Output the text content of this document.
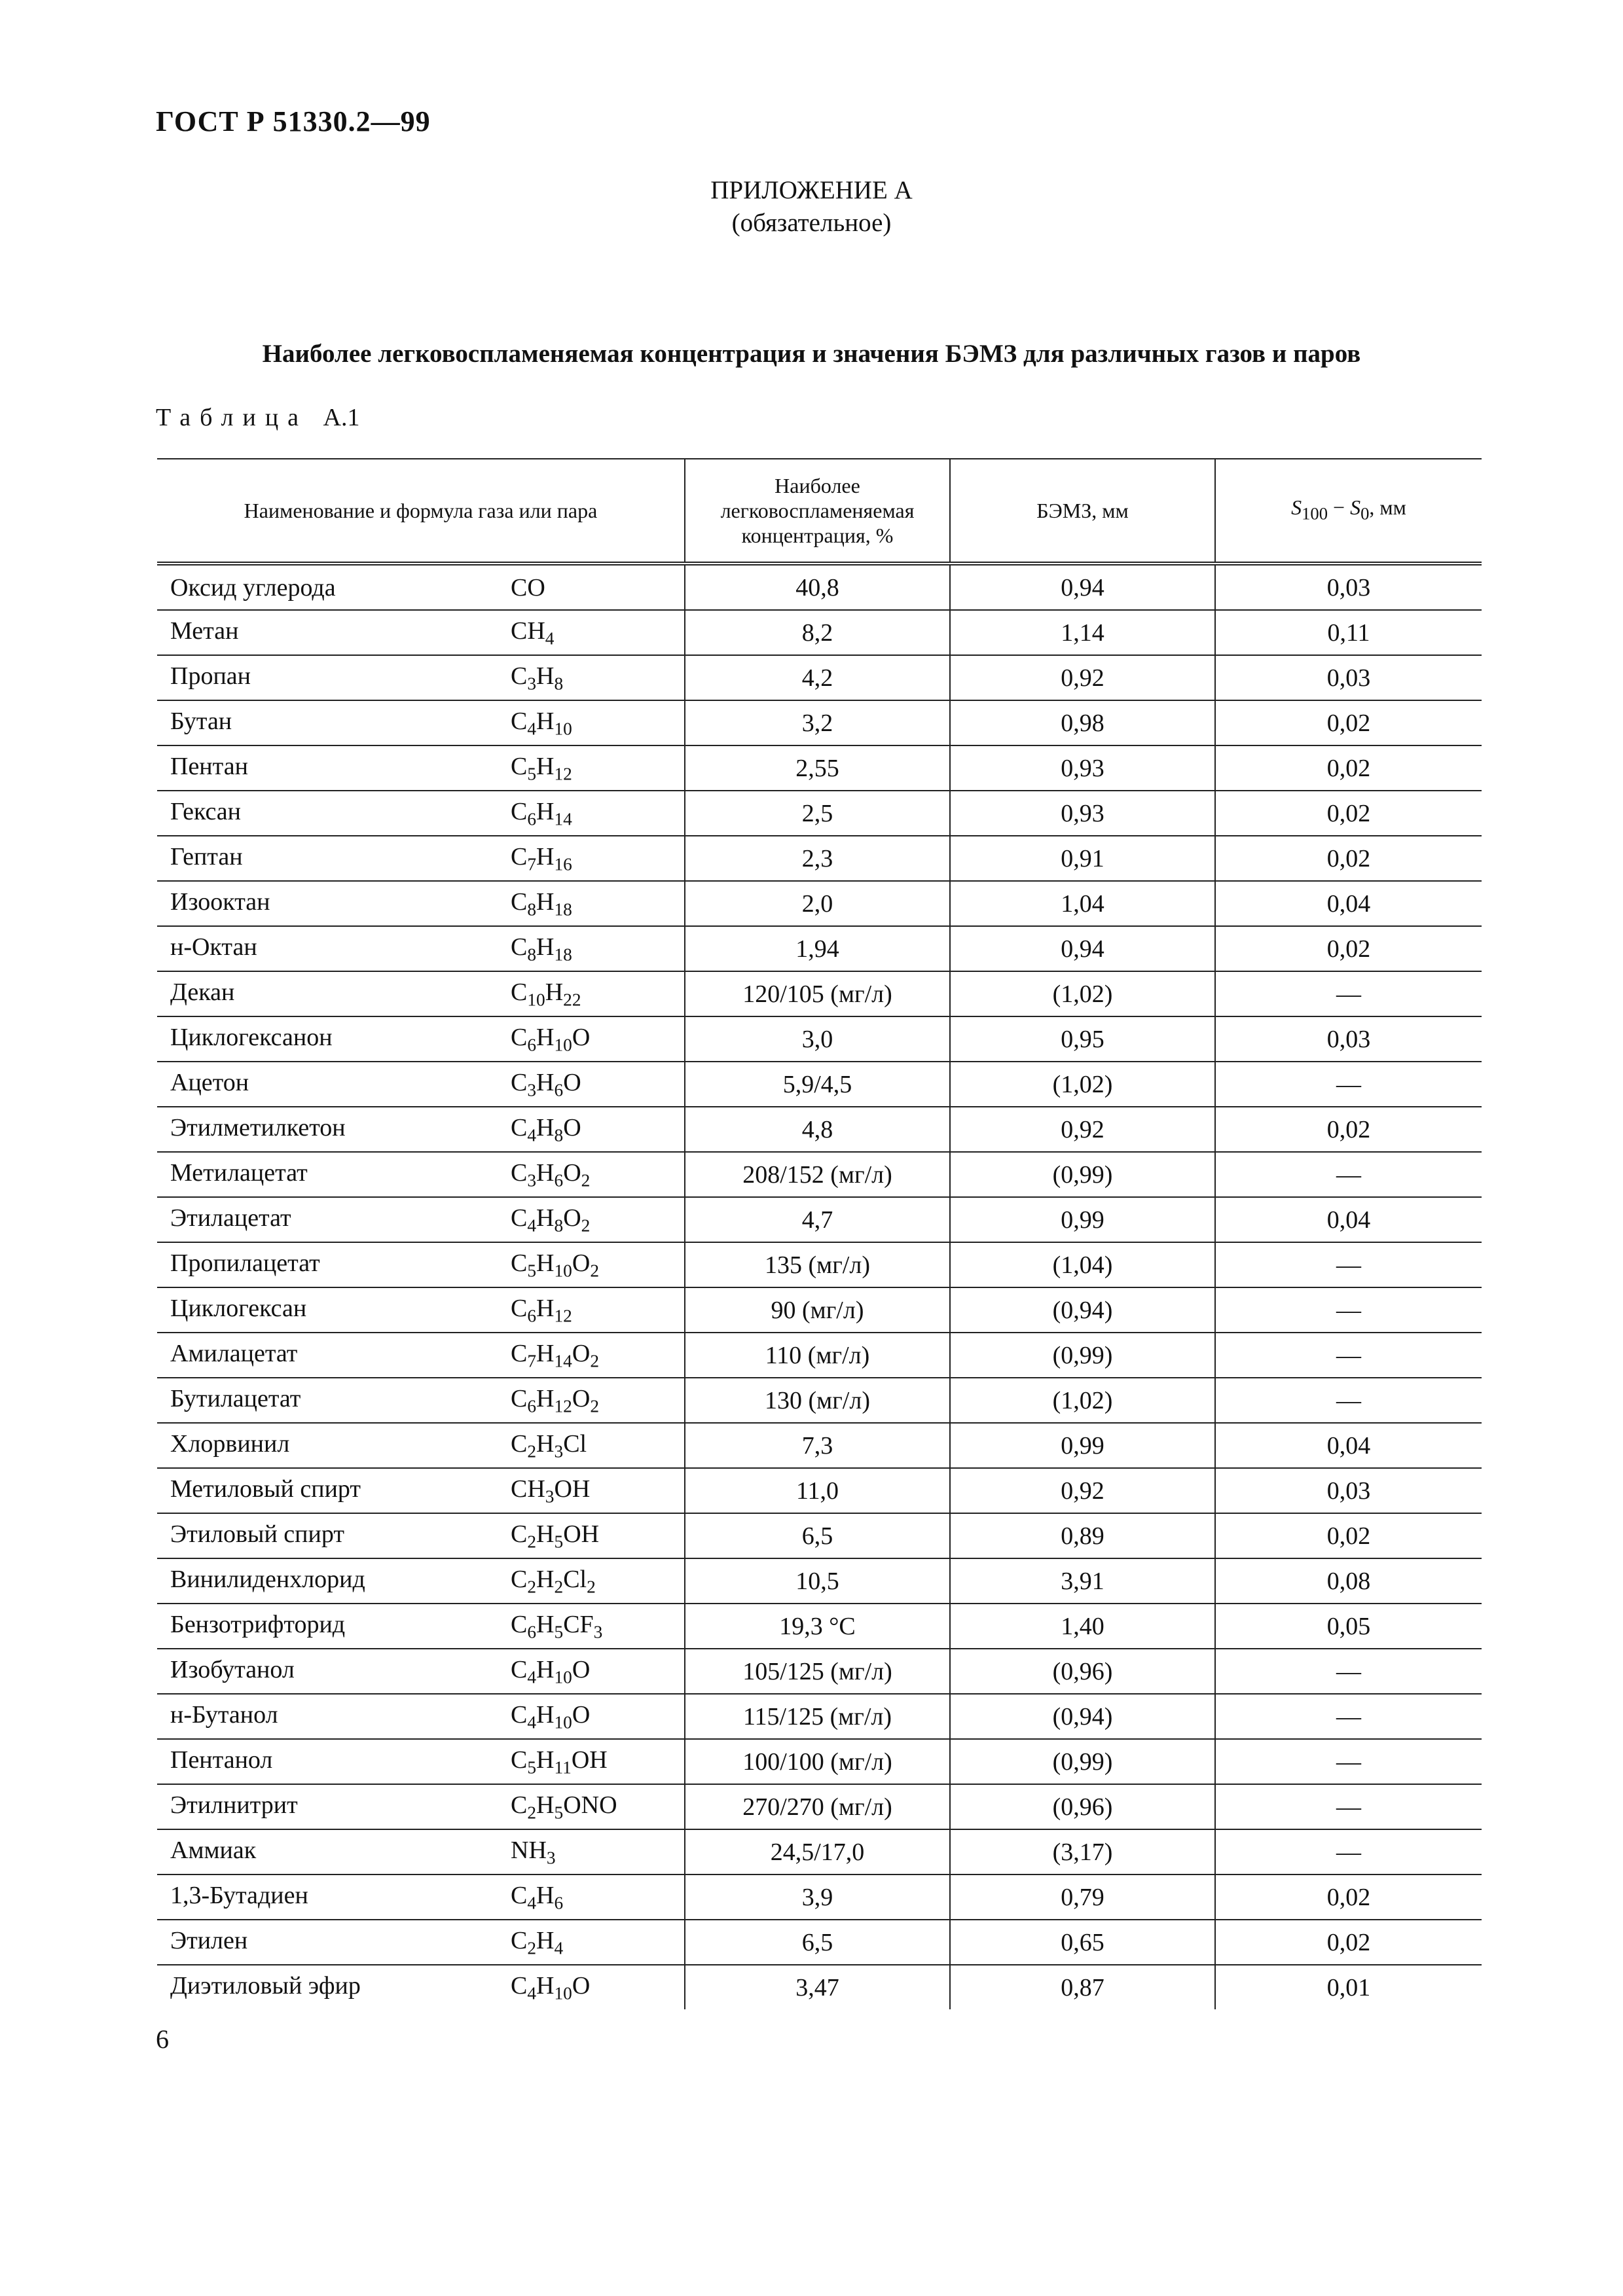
ГОСТ Р 51330.2—99
ПРИЛОЖЕНИЕ А
(обязательное)
Наиболее легковоспламеняемая концентрация и значения БЭМЗ для различных газов и паров
Таблица А.1
Наименование и формула газа или пара	Наиболее
легковоспламеняемая
концентрация, %	БЭМЗ, мм	$S_{100} - S_0$, мм
Оксид углерода CO	40,8	0,94	0,03
Метан $CH_4$	8,2	1,14	0,11
Пропан $C_3H_8$	4,2	0,92	0,03
Бутан $C_4H_{10}$	3,2	0,98	0,02
Пентан $C_5H_{12}$	2,55	0,93	0,02
Гексан $C_6H_{14}$	2,5	0,93	0,02
Гептан $C_7H_{16}$	2,3	0,91	0,02
Изооктан $C_8H_{18}$	2,0	1,04	0,04
н-Октан $C_8H_{18}$	1,94	0,94	0,02
Декан $C_{10}H_{22}$	120/105 (мг/л)	(1,02)	—
Циклогексанон $C_6H_{10}O$	3,0	0,95	0,03
Ацетон $C_3H_6O$	5,9/4,5	(1,02)	—
Этилметилкетон $C_4H_8O$	4,8	0,92	0,02
Метилацетат $C_3H_6O_2$	208/152 (мг/л)	(0,99)	—
Этилацетат $C_4H_8O_2$	4,7	0,99	0,04
Пропилацетат $C_5H_{10}O_2$	135 (мг/л)	(1,04)	—
Циклогексан $C_6H_{12}$	90 (мг/л)	(0,94)	—
Амилацетат $C_7H_{14}O_2$	110 (мг/л)	(0,99)	—
Бутилацетат $C_6H_{12}O_2$	130 (мг/л)	(1,02)	—
Хлорвинил $C_2H_3Cl$	7,3	0,99	0,04
Метиловый спирт $CH_3OH$	11,0	0,92	0,03
Этиловый спирт $C_2H_5OH$	6,5	0,89	0,02
Винилиденхлорид $C_2H_2Cl_2$	10,5	3,91	0,08
Бензотрифторид $C_6H_5CF_3$	19,3 °C	1,40	0,05
Изобутанол $C_4H_{10}O$	105/125 (мг/л)	(0,96)	—
н-Бутанол $C_4H_{10}O$	115/125 (мг/л)	(0,94)	—
Пентанол $C_5H_{11}OH$	100/100 (мг/л)	(0,99)	—
Этилнитрит $C_2H_5ONO$	270/270 (мг/л)	(0,96)	—
Аммиак $NH_3$	24,5/17,0	(3,17)	—
1,3-Бутадиен $C_4H_6$	3,9	0,79	0,02
Этилен $C_2H_4$	6,5	0,65	0,02
Диэтиловый эфир $C_4H_{10}O$	3,47	0,87	0,01
6
